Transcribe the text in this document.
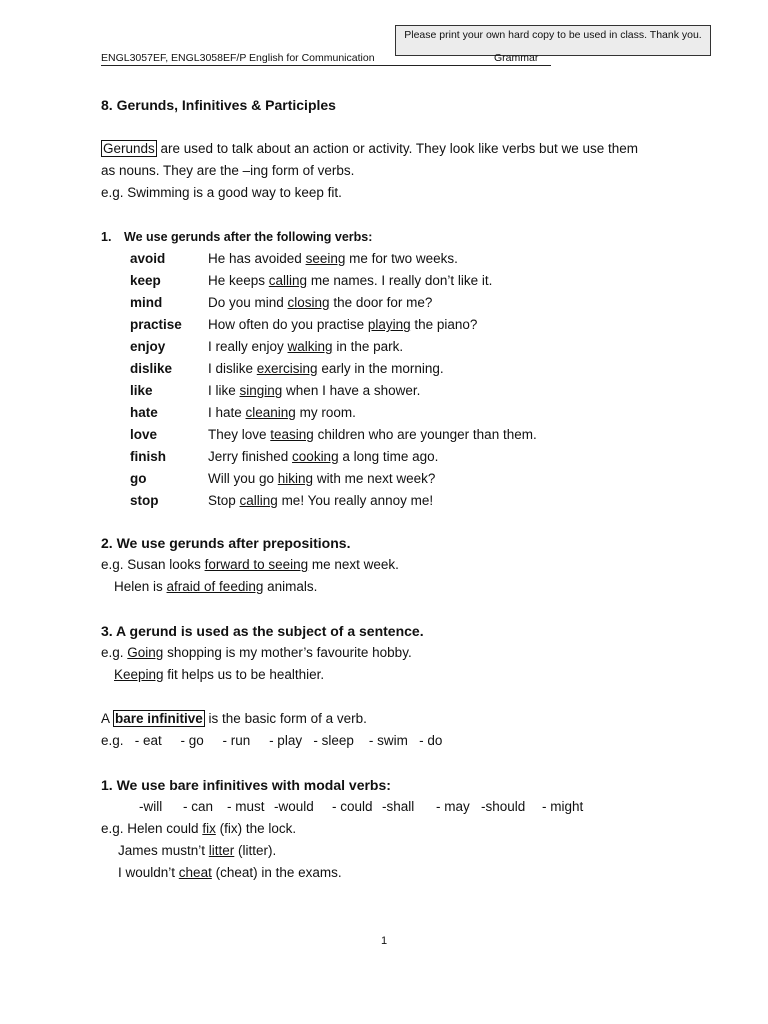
Please print your own hard copy to be used in class. Thank you.
ENGL3057EF, ENGL3058EF/P English for Communication	Grammar
8. Gerunds, Infinitives & Participles
Gerunds are used to talk about an action or activity. They look like verbs but we use them
as nouns. They are the –ing form of verbs.
e.g. Swimming is a good way to keep fit.
1. We use gerunds after the following verbs:
avoid	He has avoided seeing me for two weeks.
keep	He keeps calling me names. I really don’t like it.
mind	Do you mind closing the door for me?
practise How often do you practise playing the piano?
enjoy	I really enjoy walking in the park.
dislike	I dislike exercising early in the morning.
like	I like singing when I have a shower.
hate	I hate cleaning my room.
love	They love teasing children who are younger than them.
finish	Jerry finished cooking a long time ago.
go	Will you go hiking with me next week?
stop	Stop calling me! You really annoy me!
2. We use gerunds after prepositions.
e.g. Susan looks forward to seeing me next week.
Helen is afraid of feeding animals.
3. A gerund is used as the subject of a sentence.
e.g. Going shopping is my mother’s favourite hobby.
Keeping fit helps us to be healthier.
A bare infinitive is the basic form of a verb.
e.g.   - eat     - go     - run     - play   - sleep    - swim   - do
1. We use bare infinitives with modal verbs:
-will - can - must -would - could -shall - may -should - might
e.g. Helen could fix (fix) the lock.
James mustn’t litter (litter).
I wouldn’t cheat (cheat) in the exams.
1
